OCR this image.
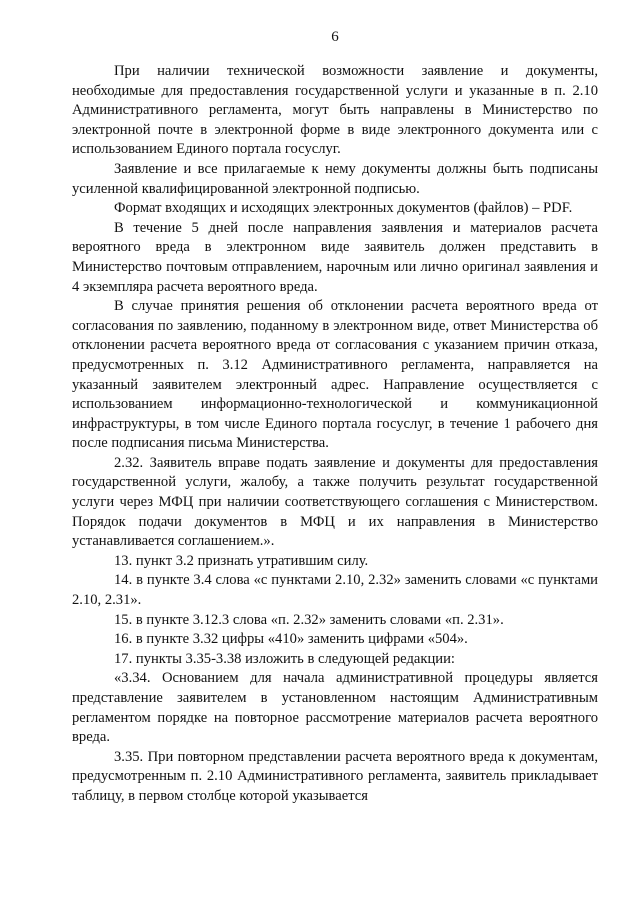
6

При наличии технической возможности заявление и документы, необходимые для предоставления государственной услуги и указанные в п. 2.10 Административного регламента, могут быть направлены в Министерство по электронной почте в электронной форме в виде электронного документа или с использованием Единого портала госуслуг.

Заявление и все прилагаемые к нему документы должны быть подписаны усиленной квалифицированной электронной подписью.

Формат входящих и исходящих электронных документов (файлов) – PDF.

В течение 5 дней после направления заявления и материалов расчета вероятного вреда в электронном виде заявитель должен представить в Министерство почтовым отправлением, нарочным или лично оригинал заявления и 4 экземпляра расчета вероятного вреда.

В случае принятия решения об отклонении расчета вероятного вреда от согласования по заявлению, поданному в электронном виде, ответ Министерства об отклонении расчета вероятного вреда от согласования с указанием причин отказа, предусмотренных п. 3.12 Административного регламента, направляется на указанный заявителем электронный адрес. Направление осуществляется с использованием информационно-технологической и коммуникационной инфраструктуры, в том числе Единого портала госуслуг, в течение 1 рабочего дня после подписания письма Министерства.

2.32. Заявитель вправе подать заявление и документы для предоставления государственной услуги, жалобу, а также получить результат государственной услуги через МФЦ при наличии соответствующего соглашения с Министерством. Порядок подачи документов в МФЦ и их направления в Министерство устанавливается соглашением.».

13. пункт 3.2 признать утратившим силу.

14. в пункте 3.4 слова «с пунктами 2.10, 2.32» заменить словами «с пунктами 2.10, 2.31».

15. в пункте 3.12.3 слова «п. 2.32» заменить словами «п. 2.31».

16. в пункте 3.32 цифры «410» заменить цифрами «504».

17. пункты 3.35-3.38 изложить в следующей редакции:

«3.34. Основанием для начала административной процедуры является представление заявителем в установленном настоящим Административным регламентом порядке на повторное рассмотрение материалов расчета вероятного вреда.

3.35. При повторном представлении расчета вероятного вреда к документам, предусмотренным п. 2.10 Административного регламента, заявитель прикладывает таблицу, в первом столбце которой указывается
